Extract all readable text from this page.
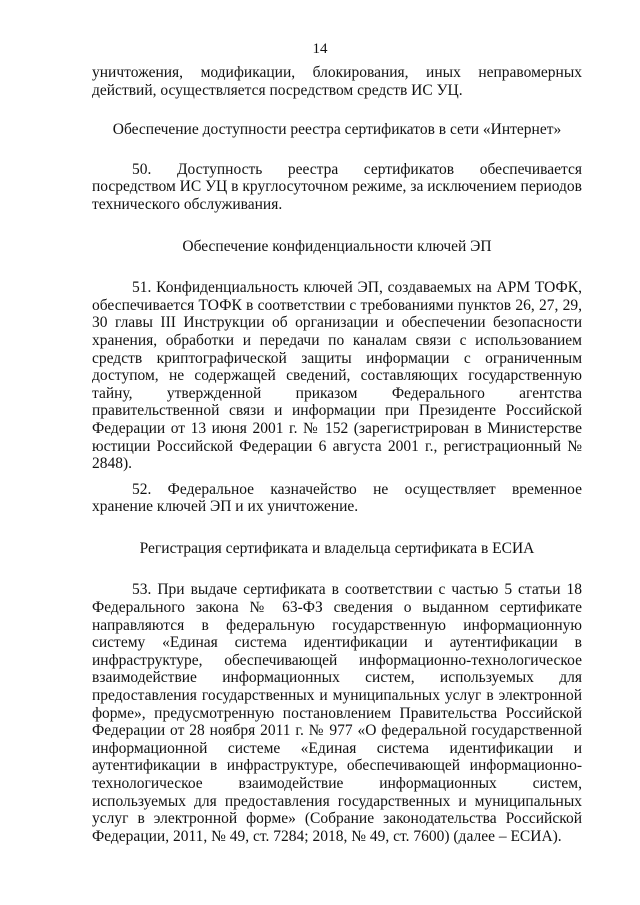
14

уничтожения, модификации, блокирования, иных неправомерных действий, осуществляется посредством средств ИС УЦ.

Обеспечение доступности реестра сертификатов в сети «Интернет»

50. Доступность реестра сертификатов обеспечивается посредством ИС УЦ в круглосуточном режиме, за исключением периодов технического обслуживания.

Обеспечение конфиденциальности ключей ЭП

51. Конфиденциальность ключей ЭП, создаваемых на АРМ ТОФК, обеспечивается ТОФК в соответствии с требованиями пунктов 26, 27, 29, 30 главы III Инструкции об организации и обеспечении безопасности хранения, обработки и передачи по каналам связи с использованием средств криптографической защиты информации с ограниченным доступом, не содержащей сведений, составляющих государственную тайну, утвержденной приказом Федерального агентства правительственной связи и информации при Президенте Российской Федерации от 13 июня 2001 г. № 152 (зарегистрирован в Министерстве юстиции Российской Федерации 6 августа 2001 г., регистрационный № 2848).

52. Федеральное казначейство не осуществляет временное хранение ключей ЭП и их уничтожение.

Регистрация сертификата и владельца сертификата в ЕСИА

53. При выдаче сертификата в соответствии с частью 5 статьи 18 Федерального закона № 63-ФЗ сведения о выданном сертификате направляются в федеральную государственную информационную систему «Единая система идентификации и аутентификации в инфраструктуре, обеспечивающей информационно-технологическое взаимодействие информационных систем, используемых для предоставления государственных и муниципальных услуг в электронной форме», предусмотренную постановлением Правительства Российской Федерации от 28 ноября 2011 г. № 977 «О федеральной государственной информационной системе «Единая система идентификации и аутентификации в инфраструктуре, обеспечивающей информационно-технологическое взаимодействие информационных систем, используемых для предоставления государственных и муниципальных услуг в электронной форме» (Собрание законодательства Российской Федерации, 2011, № 49, ст. 7284; 2018, № 49, ст. 7600) (далее – ЕСИА).
